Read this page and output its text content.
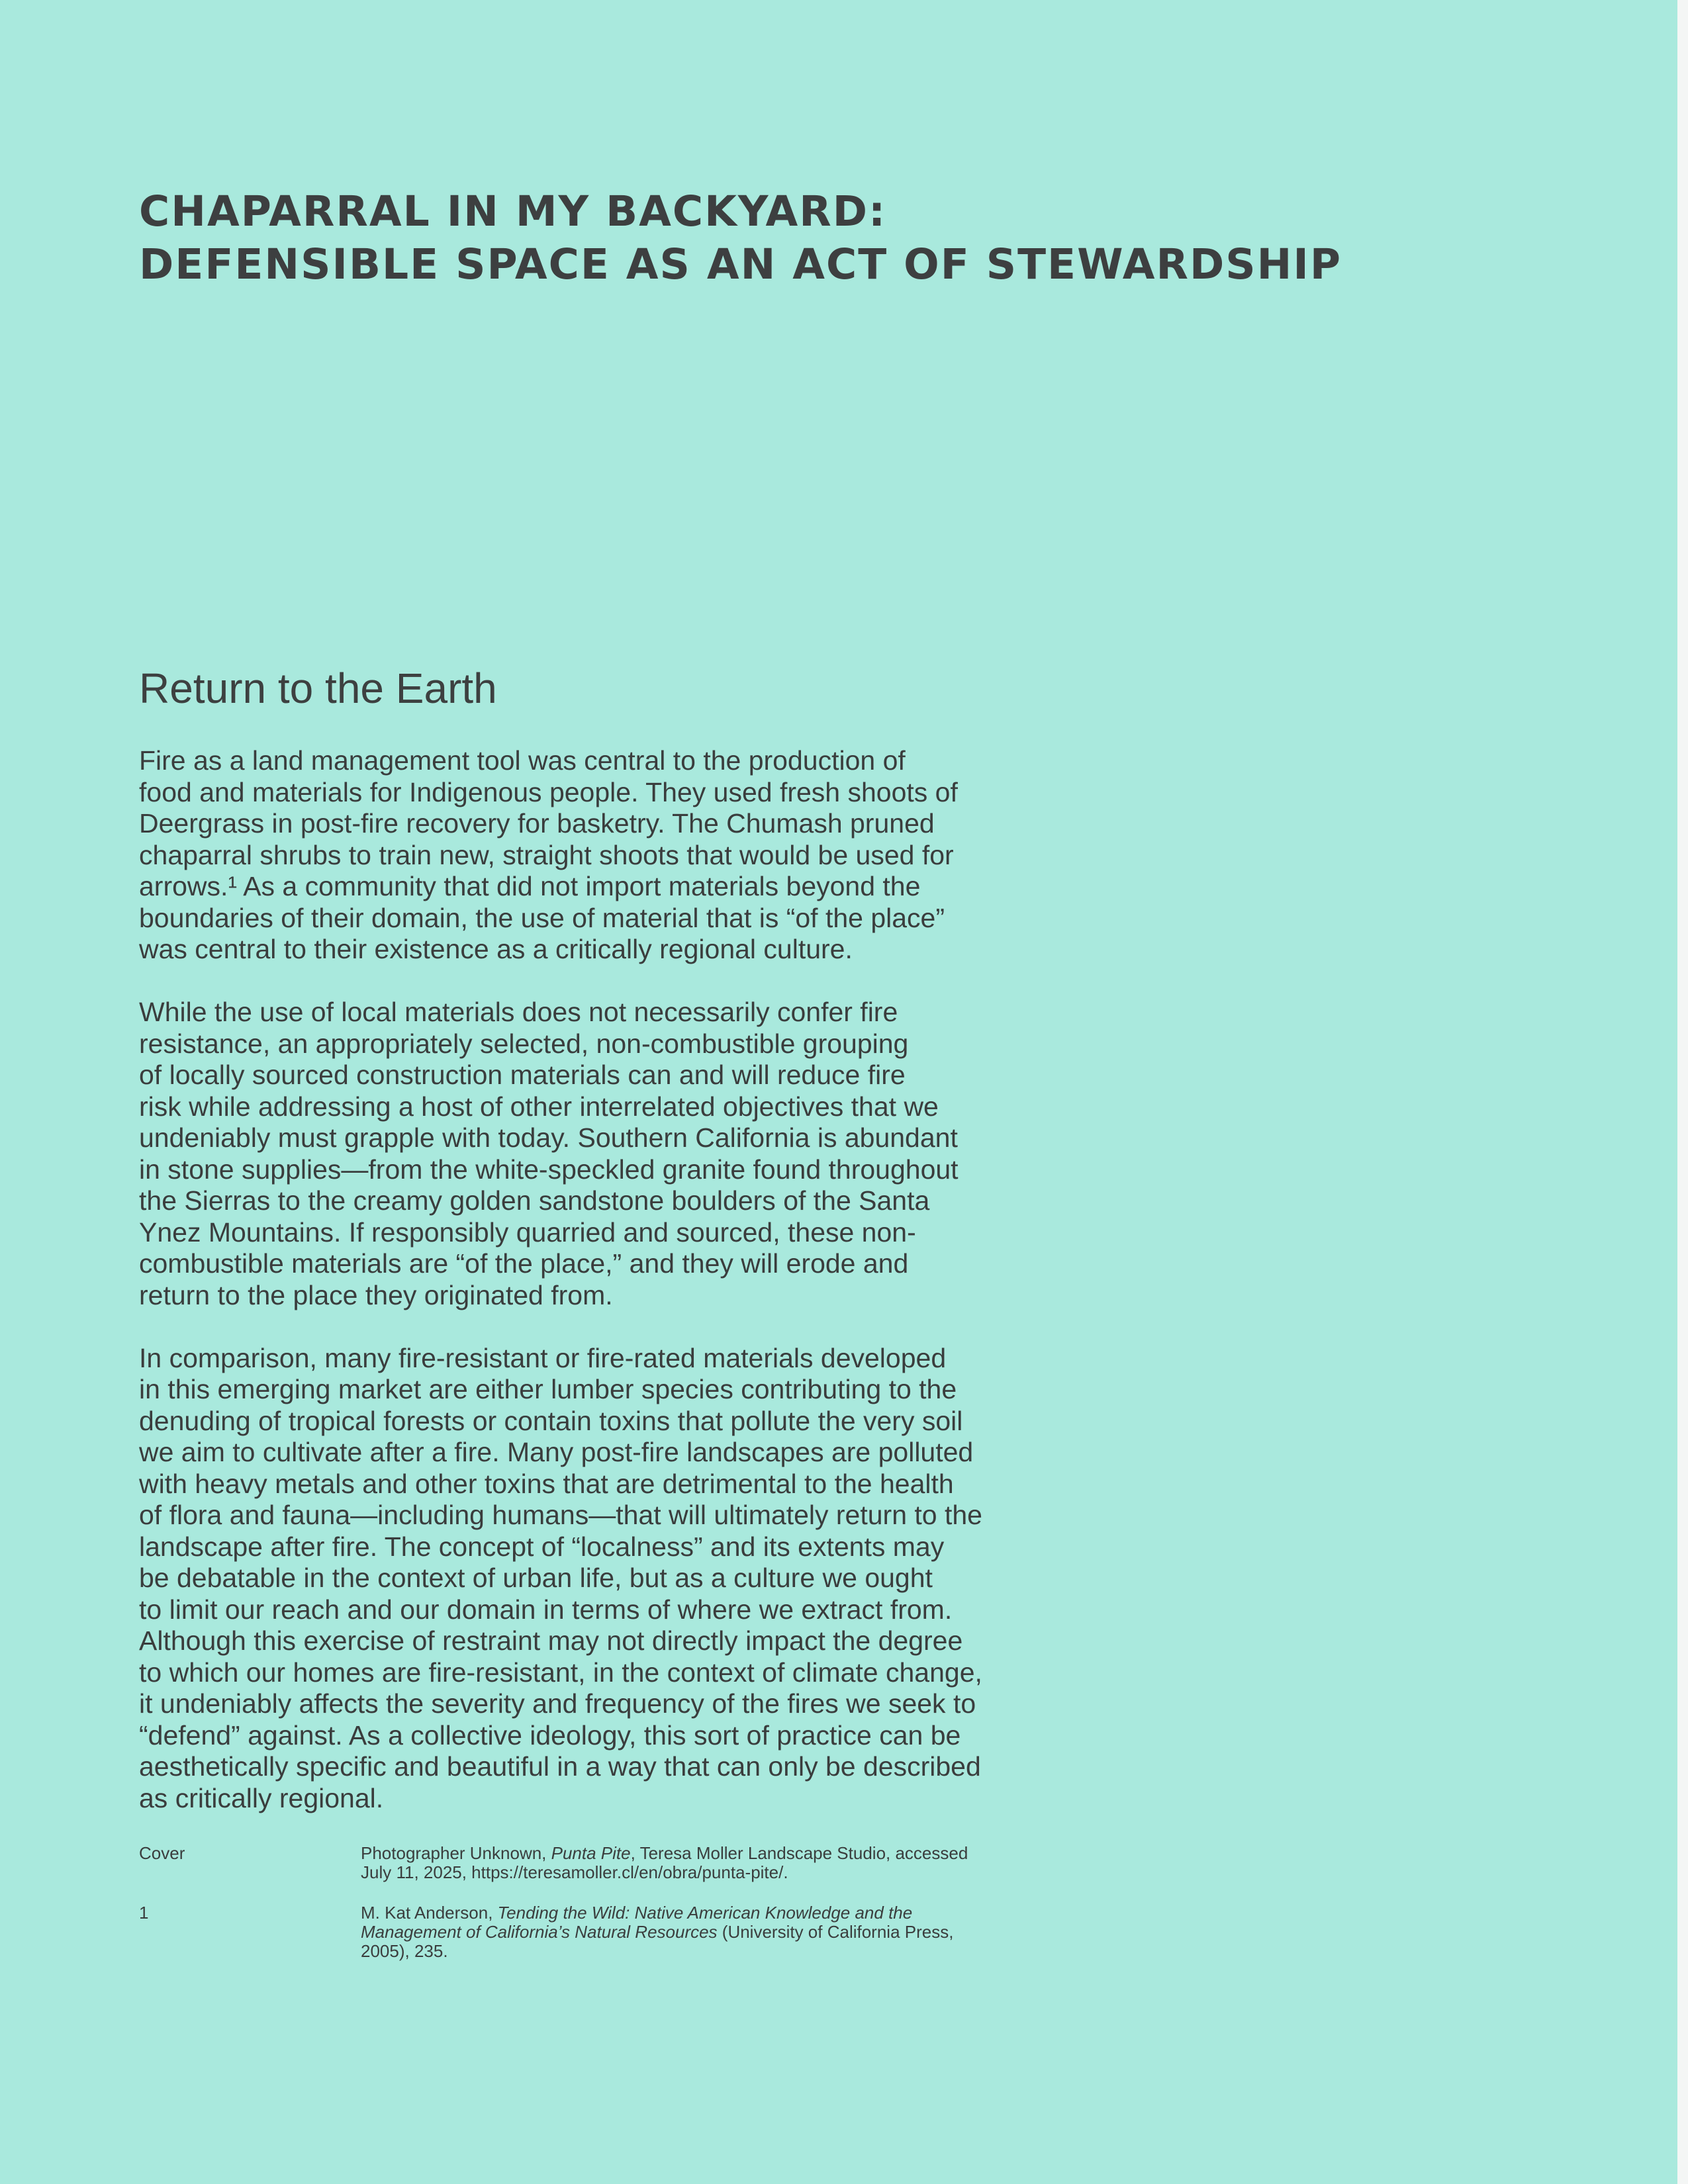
CHAPARRAL IN MY BACKYARD:
DEFENSIBLE SPACE AS AN ACT OF STEWARDSHIP
Return to the Earth

Fire as a land management tool was central to the production of
food and materials for Indigenous people. They used fresh shoots of
Deergrass in post-fire recovery for basketry. The Chumash pruned
chaparral shrubs to train new, straight shoots that would be used for
arrows.¹ As a community that did not import materials beyond the
boundaries of their domain, the use of material that is “of the place”
was central to their existence as a critically regional culture.

While the use of local materials does not necessarily confer fire
resistance, an appropriately selected, non-combustible grouping
of locally sourced construction materials can and will reduce fire
risk while addressing a host of other interrelated objectives that we
undeniably must grapple with today. Southern California is abundant
in stone supplies—from the white-speckled granite found throughout
the Sierras to the creamy golden sandstone boulders of the Santa
Ynez Mountains. If responsibly quarried and sourced, these non-
combustible materials are “of the place,” and they will erode and
return to the place they originated from.

In comparison, many fire-resistant or fire-rated materials developed
in this emerging market are either lumber species contributing to the
denuding of tropical forests or contain toxins that pollute the very soil
we aim to cultivate after a fire. Many post-fire landscapes are polluted
with heavy metals and other toxins that are detrimental to the health
of flora and fauna—including humans—that will ultimately return to the
landscape after fire. The concept of “localness” and its extents may
be debatable in the context of urban life, but as a culture we ought
to limit our reach and our domain in terms of where we extract from.
Although this exercise of restraint may not directly impact the degree
to which our homes are fire-resistant, in the context of climate change,
it undeniably affects the severity and frequency of the fires we seek to
“defend” against. As a collective ideology, this sort of practice can be
aesthetically specific and beautiful in a way that can only be described
as critically regional.

Cover	Photographer Unknown, Punta Pite, Teresa Moller Landscape Studio, accessed
July 11, 2025, https://teresamoller.cl/en/obra/punta-pite/.
1	M. Kat Anderson, Tending the Wild: Native American Knowledge and the
Management of California’s Natural Resources (University of California Press,
2005), 235.
